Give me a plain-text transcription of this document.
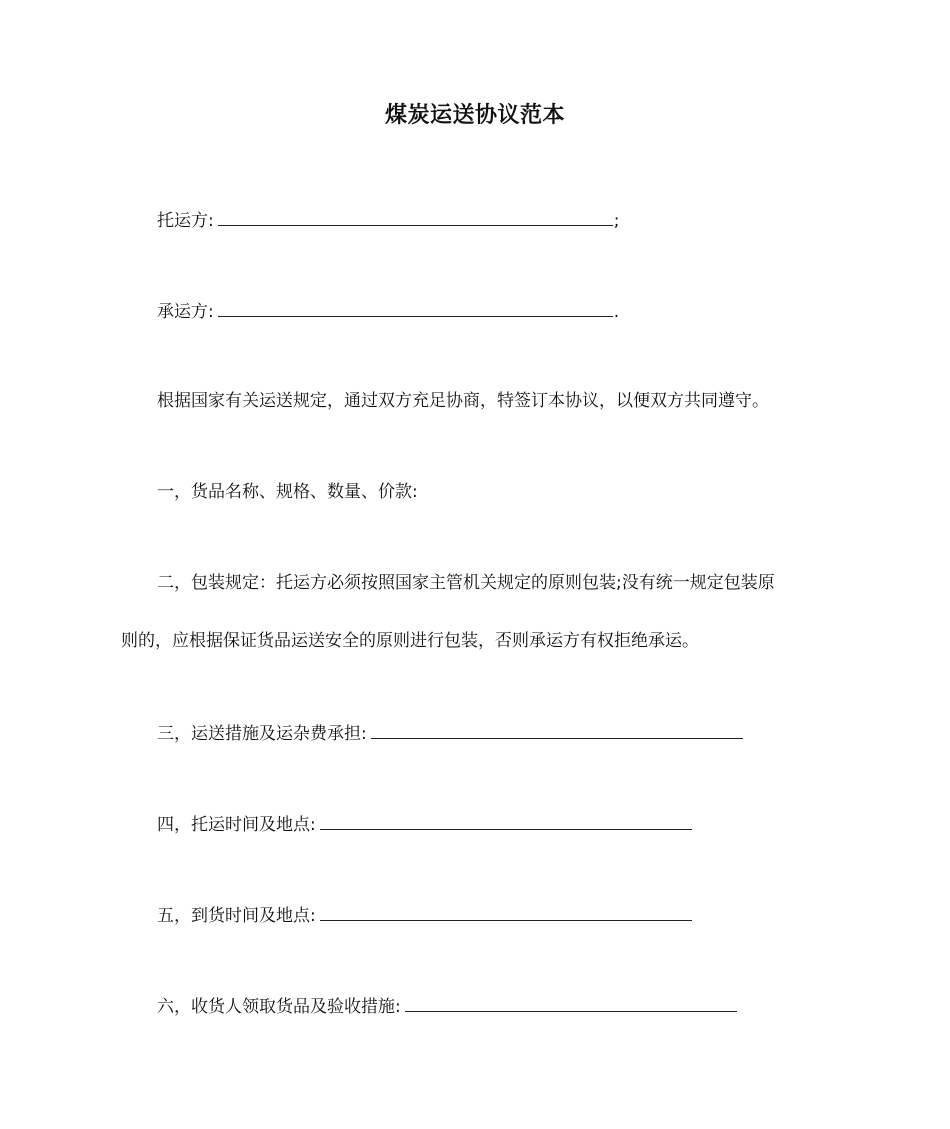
煤炭运送协议范本
托运方:	;
承运方:	.
根据国家有关运送规定，通过双方充足协商，特签订本协议，以便双方共同遵守。
一，货品名称、规格、数量、价款:
二，包装规定：托运方必须按照国家主管机关规定的原则包装;没有统一规定包装原
则的，应根据保证货品运送安全的原则进行包装，否则承运方有权拒绝承运。
三，运送措施及运杂费承担:
四，托运时间及地点:
五，到货时间及地点:
六，收货人领取货品及验收措施:
